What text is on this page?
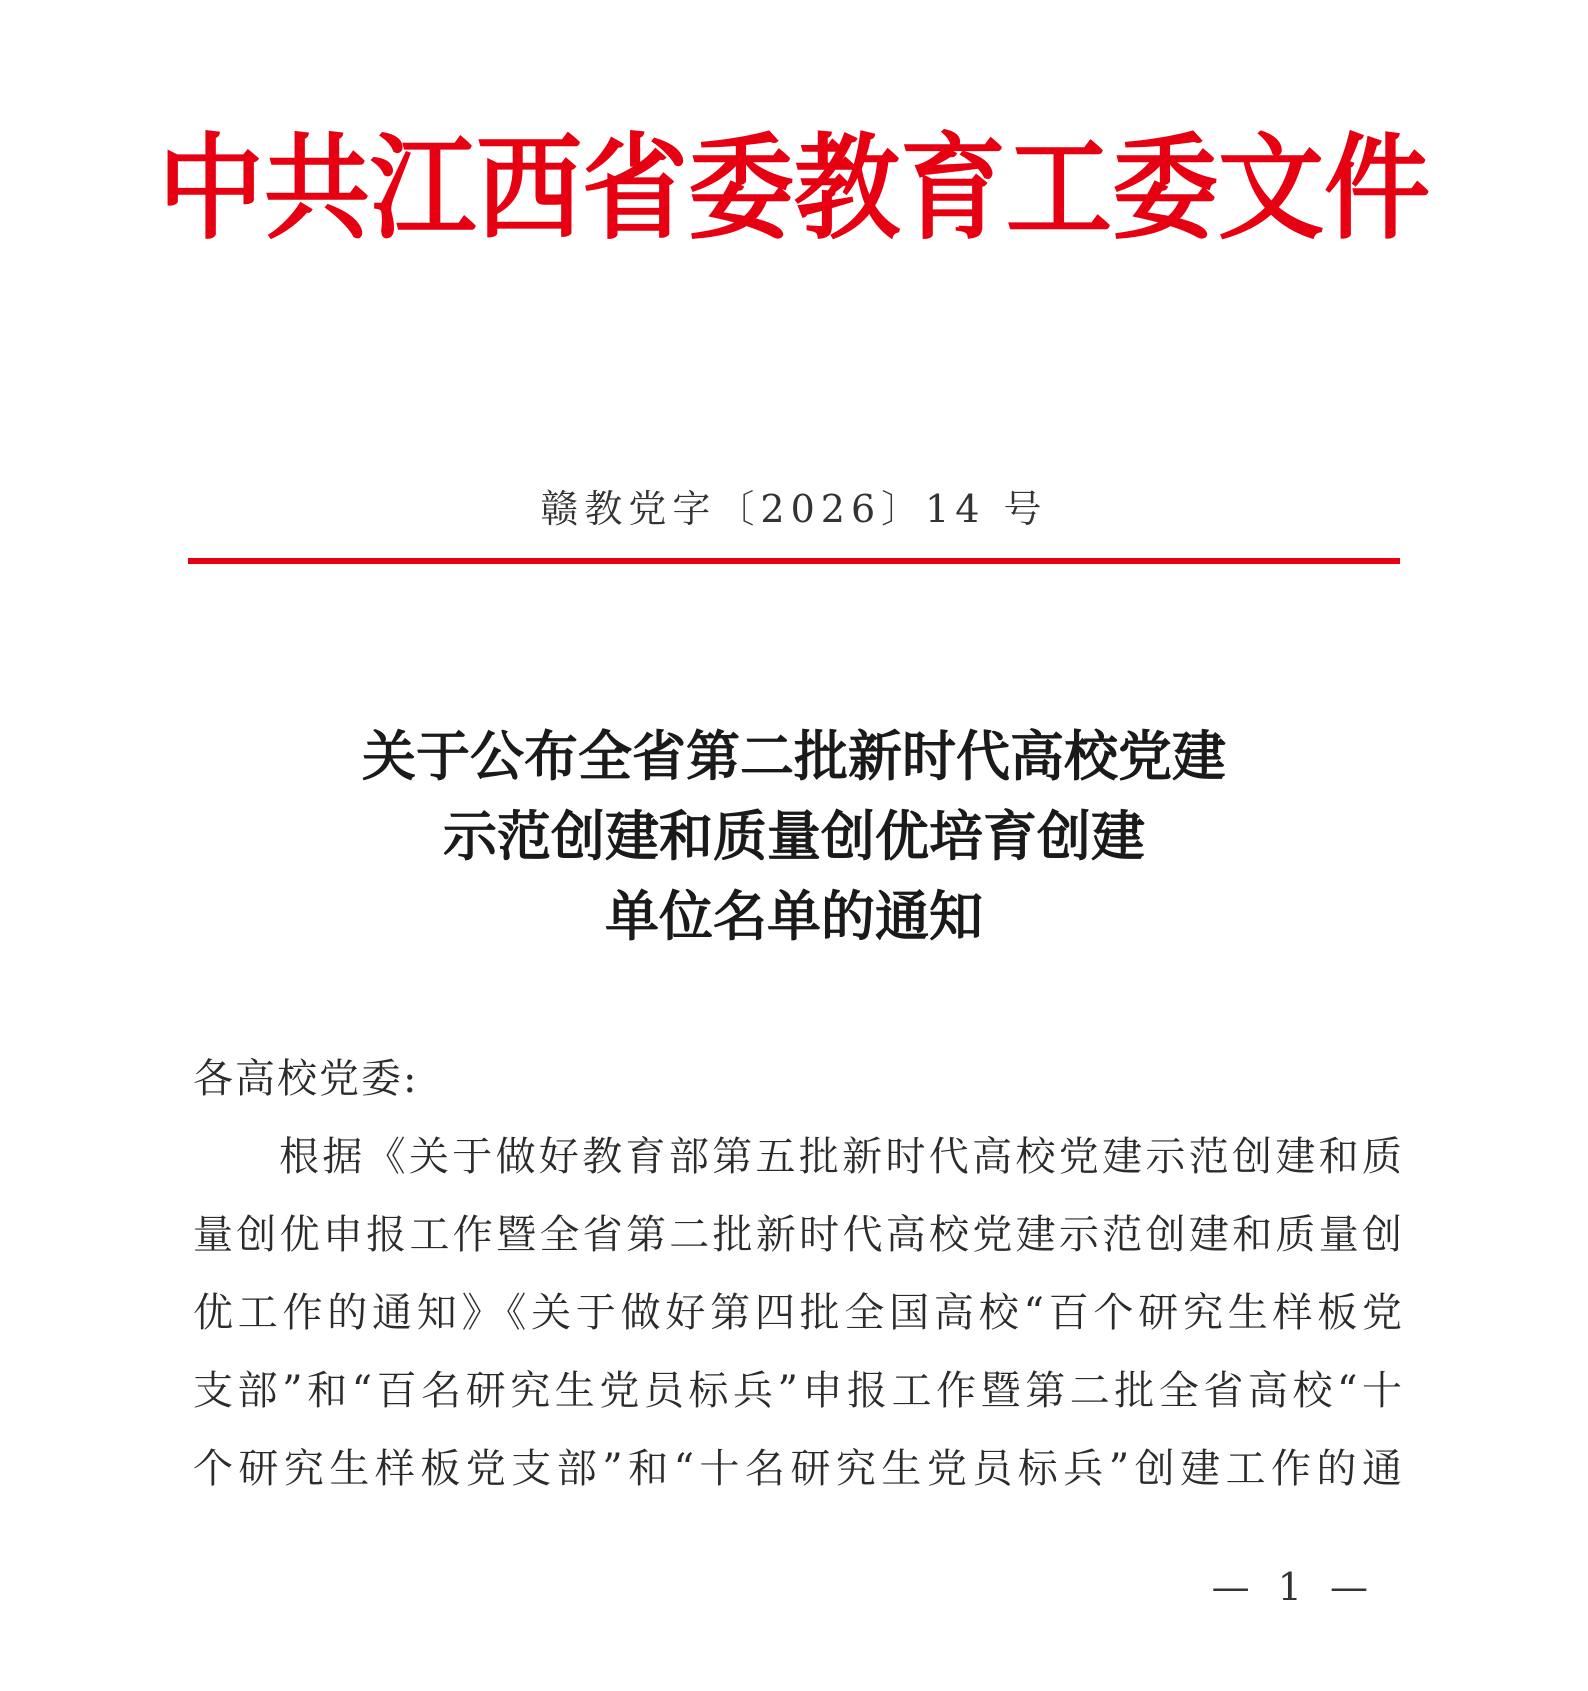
中共江西省委教育工委文件
赣教党字〔2026〕14 号
关于公布全省第二批新时代高校党建
示范创建和质量创优培育创建
单位名单的通知
各高校党委:
根据《关于做好教育部第五批新时代高校党建示范创建和质
量创优申报工作暨全省第二批新时代高校党建示范创建和质量创
优工作的通知》《关于做好第四批全国高校“百个研究生样板党
支部”和“百名研究生党员标兵”申报工作暨第二批全省高校“十
个研究生样板党支部”和“十名研究生党员标兵”创建工作的通
— 1 —
